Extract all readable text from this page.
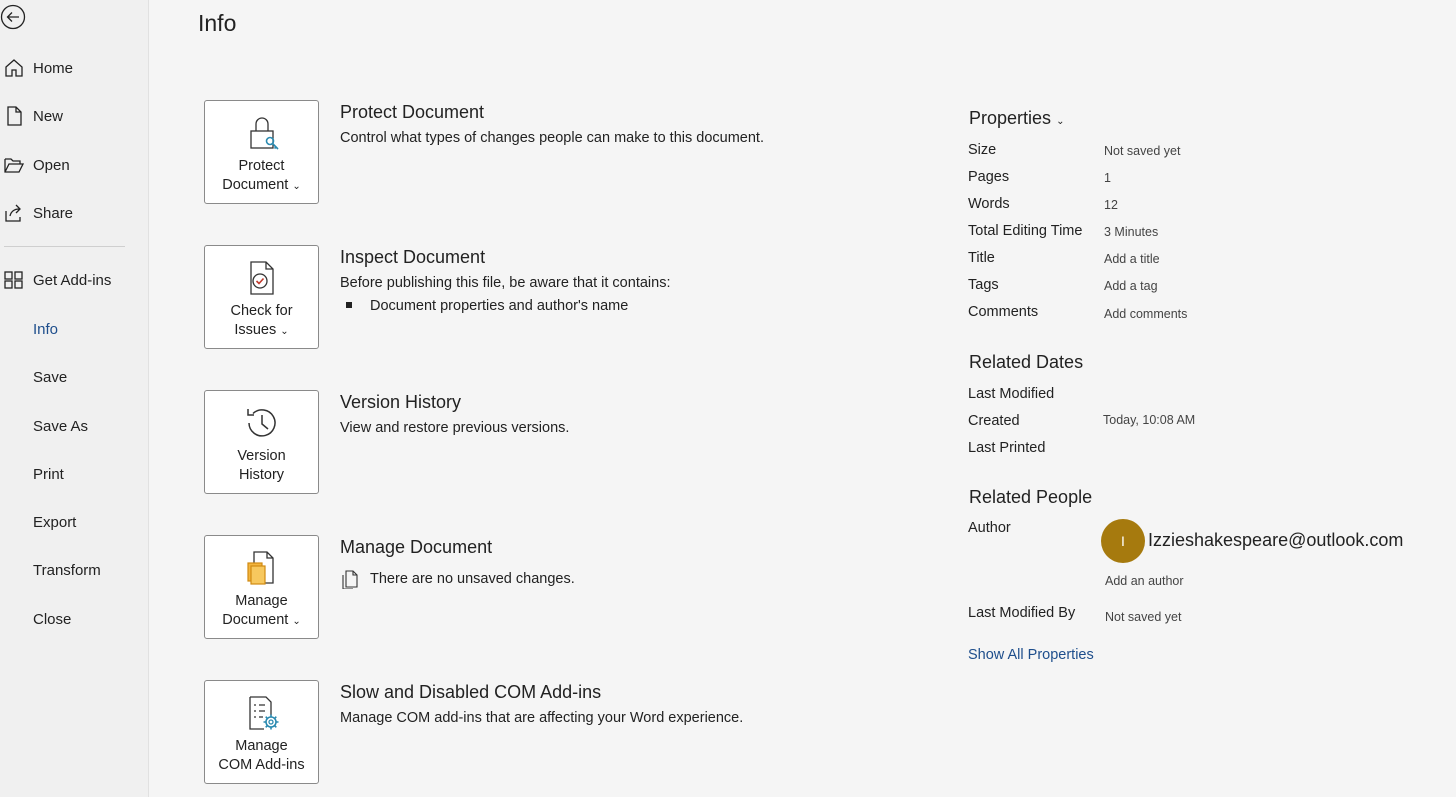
Home
New
Open
Share
Get Add-ins
Info
Save
Save As
Print
Export
Transform
Close
Info
Protect
Document ⌄
Protect Document
Control what types of changes people can make to this document.
Check for
Issues ⌄
Inspect Document
Before publishing this file, be aware that it contains:
Document properties and author's name
Version
History
Version History
View and restore previous versions.
Manage
Document ⌄
Manage Document
There are no unsaved changes.
Manage
COM Add-ins
Slow and Disabled COM Add-ins
Manage COM add-ins that are affecting your Word experience.
Properties ⌄
Size	Not saved yet
Pages	1
Words	12
Total Editing Time 3 Minutes
Title	Add a title
Tags	Add a tag
Comments	Add comments
Related Dates
Last Modified
Created	Today, 10:08 AM
Last Printed
Related People
Author
I	Izzieshakespeare@outlook.com
Add an author
Last Modified By Not saved yet
Show All Properties
